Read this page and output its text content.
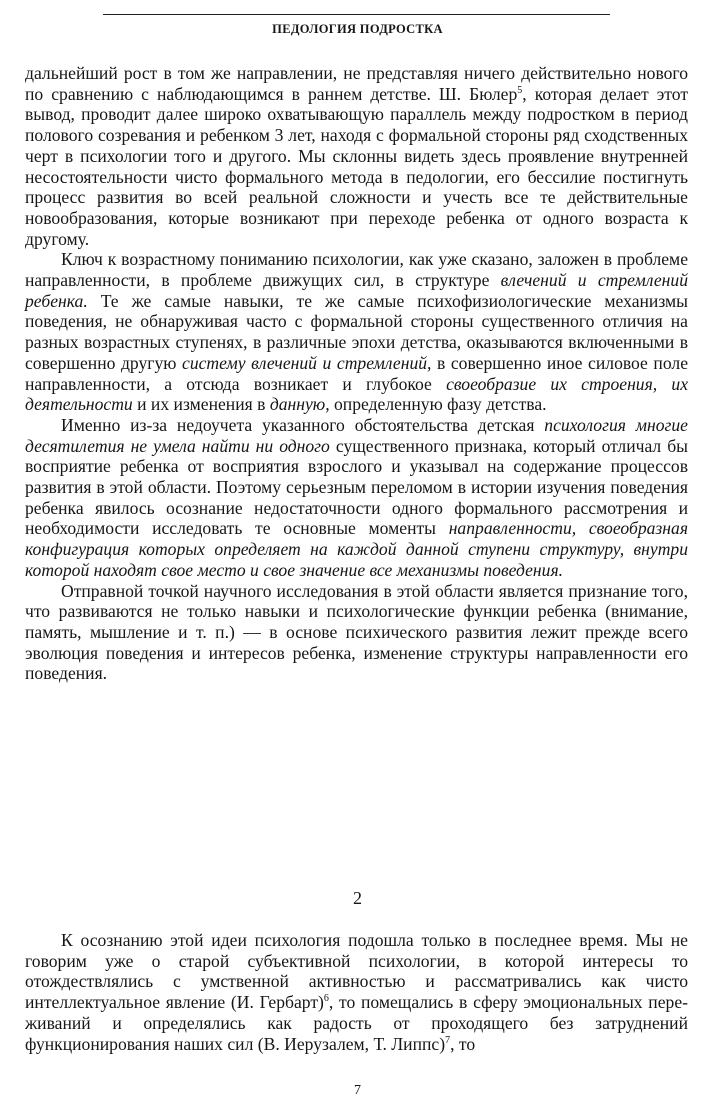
ПЕДОЛОГИЯ ПОДРОСТКА

дальнейший рост в том же направлении, не представляя ничего действительно нового по сравнению с наблюдающимся в раннем детстве. Ш. Бюлер$^5$, которая делает этот вывод, проводит далее широко охватывающую параллель между подростком в период полового созревания и ребенком 3 лет, находя с формальной стороны ряд сходственных черт в психологии того и другого. Мы склонны видеть здесь проявление внутренней несостоятельности чисто формального метода в педологии, его бессилие постигнуть процесс развития во всей реальной сложности и учесть все те действительные новообразования, которые возникают при переходе ребенка от одного возраста к другому.

Ключ к возрастному пониманию психологии, как уже сказано, заложен в проблеме направленности, в проблеме движущих сил, в структуре влечений и стремлений ребенка. Те же самые навыки, те же самые психофизиологические механизмы поведения, не обнаруживая часто с формальной стороны существенного отличия на разных возрастных ступенях, в различные эпохи детства, оказываются включенными в совершенно другую систему влечений и стремлений, в совершенно иное силовое поле направленности, а отсюда возникает и глубокое своеобразие их строения, их деятельности и их изменения в данную, определенную фазу детства.

Именно из-за недоучета указанного обстоятельства детская психология многие десятилетия не умела найти ни одного существенного признака, который отличал бы восприятие ребенка от восприятия взрослого и указывал на содержание процессов развития в этой области. Поэтому серьезным переломом в истории изучения поведения ребенка явилось осознание недостаточности одного формального рассмотрения и необходимости исследовать те основные моменты направленности, своеобразная конфигурация которых определяет на каждой данной ступени структуру, внутри которой находят свое место и свое значение все механизмы поведения.

Отправной точкой научного исследования в этой области является признание того, что развиваются не только навыки и психологические функции ребенка (внимание, память, мышление и т. п.) — в основе психического развития лежит прежде всего эволюция поведения и интересов ребенка, изменение структуры направленности его поведения.

2

К осознанию этой идеи психология подошла только в последнее время. Мы не говорим уже о старой субъективной психологии, в которой интересы то отождествлялись с умственной активностью и рассматривались как чисто интеллектуальное явление (И. Гербарт)$^6$, то помещались в сферу эмоциональных переживаний и определялись как радость от проходящего без затруднений функционирования наших сил (В. Иерузалем, Т. Липпс)$^7$, то

7
